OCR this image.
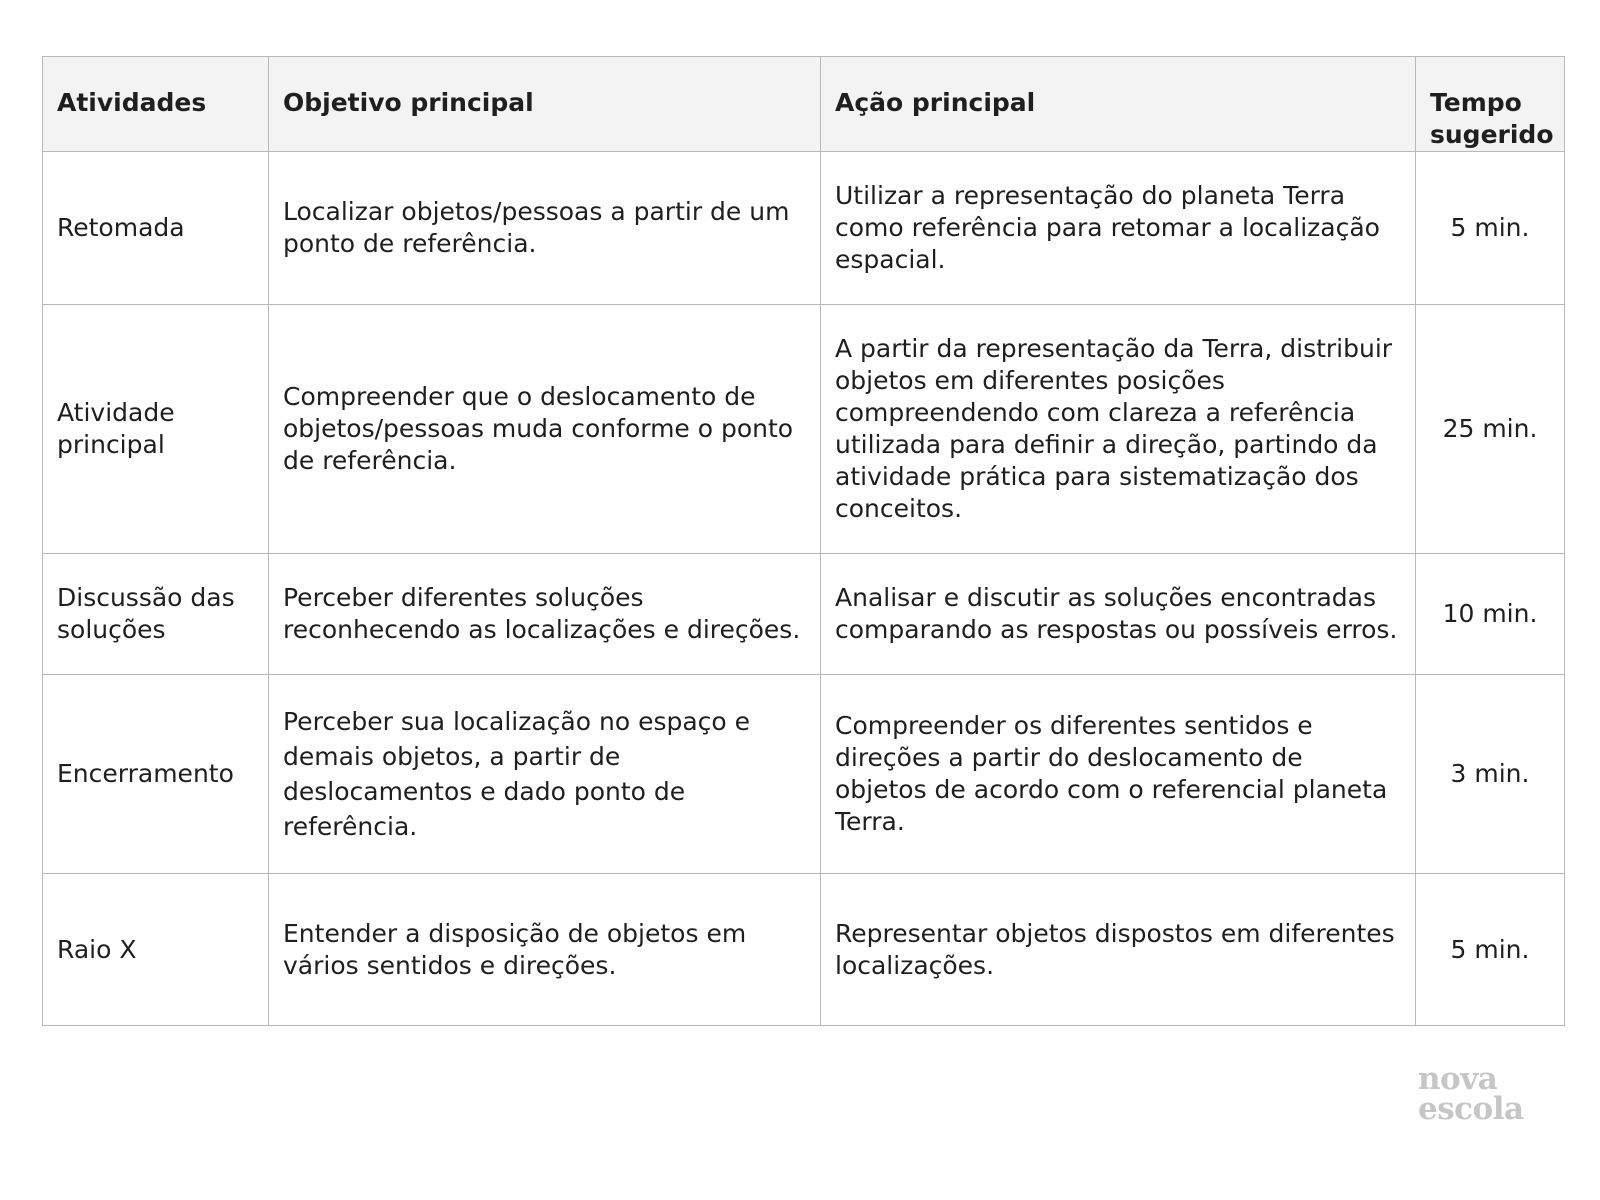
Atividades	Objetivo principal	Ação principal	Tempo sugerido
Retomada	Localizar objetos/pessoas a partir de um ponto de referência.	Utilizar a representação do planeta Terra como referência para retomar a localização espacial.	5 min.
Atividade principal	Compreender que o deslocamento de objetos/pessoas muda conforme o ponto de referência.	A partir da representação da Terra, distribuir objetos em diferentes posições compreendendo com clareza a referência utilizada para definir a direção, partindo da atividade prática para sistematização dos conceitos.	25 min.
Discussão das soluções	Perceber diferentes soluções reconhecendo as localizações e direções.	Analisar e discutir as soluções encontradas comparando as respostas ou possíveis erros.	10 min.
Encerramento	Perceber sua localização no espaço e demais objetos, a partir de deslocamentos e dado ponto de referência.	Compreender os diferentes sentidos e direções a partir do deslocamento de objetos de acordo com o referencial planeta Terra.	3 min.
Raio X	Entender a disposição de objetos em vários sentidos e direções.	Representar objetos dispostos em diferentes localizações.	5 min.
nova
escola
